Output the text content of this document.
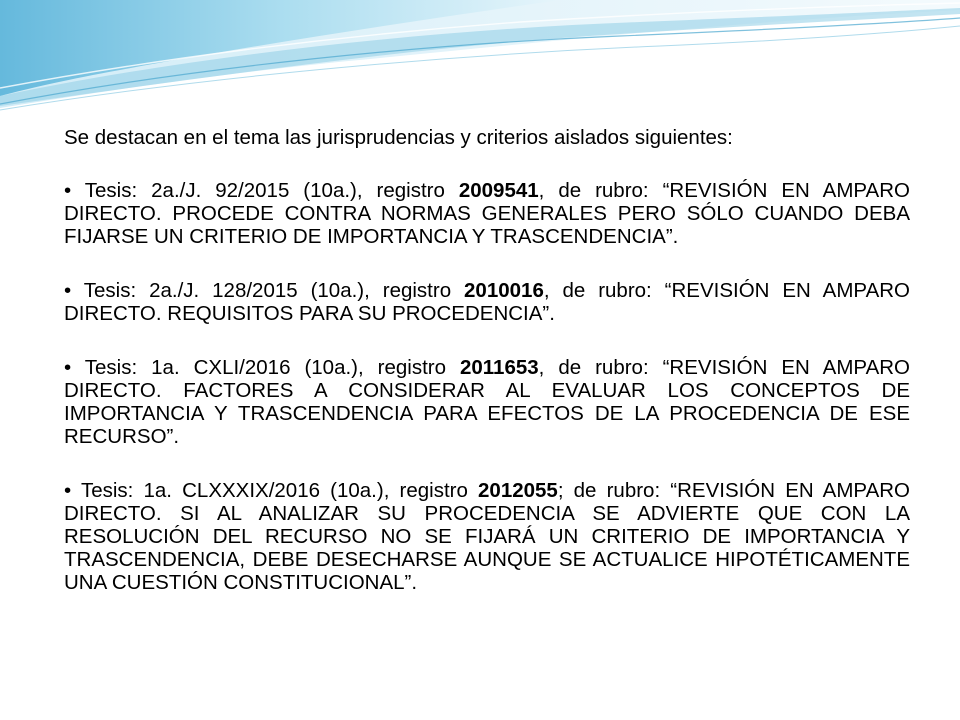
Se destacan en el tema las jurisprudencias y criterios aislados siguientes:

• Tesis: 2a./J. 92/2015 (10a.), registro 2009541, de rubro: “REVISIÓN EN AMPARO DIRECTO. PROCEDE CONTRA NORMAS GENERALES PERO SÓLO CUANDO DEBA FIJARSE UN CRITERIO DE IMPORTANCIA Y TRASCENDENCIA”.

• Tesis: 2a./J. 128/2015 (10a.), registro 2010016, de rubro: “REVISIÓN EN AMPARO DIRECTO. REQUISITOS PARA SU PROCEDENCIA”.

• Tesis: 1a. CXLI/2016 (10a.), registro 2011653, de rubro: “REVISIÓN EN AMPARO DIRECTO. FACTORES A CONSIDERAR AL EVALUAR LOS CONCEPTOS DE IMPORTANCIA Y TRASCENDENCIA PARA EFECTOS DE LA PROCEDENCIA DE ESE RECURSO”.

• Tesis: 1a. CLXXXIX/2016 (10a.), registro 2012055; de rubro: “REVISIÓN EN AMPARO DIRECTO. SI AL ANALIZAR SU PROCEDENCIA SE ADVIERTE QUE CON LA RESOLUCIÓN DEL RECURSO NO SE FIJARÁ UN CRITERIO DE IMPORTANCIA Y TRASCENDENCIA, DEBE DESECHARSE AUNQUE SE ACTUALICE HIPOTÉTICAMENTE UNA CUESTIÓN CONSTITUCIONAL”.
